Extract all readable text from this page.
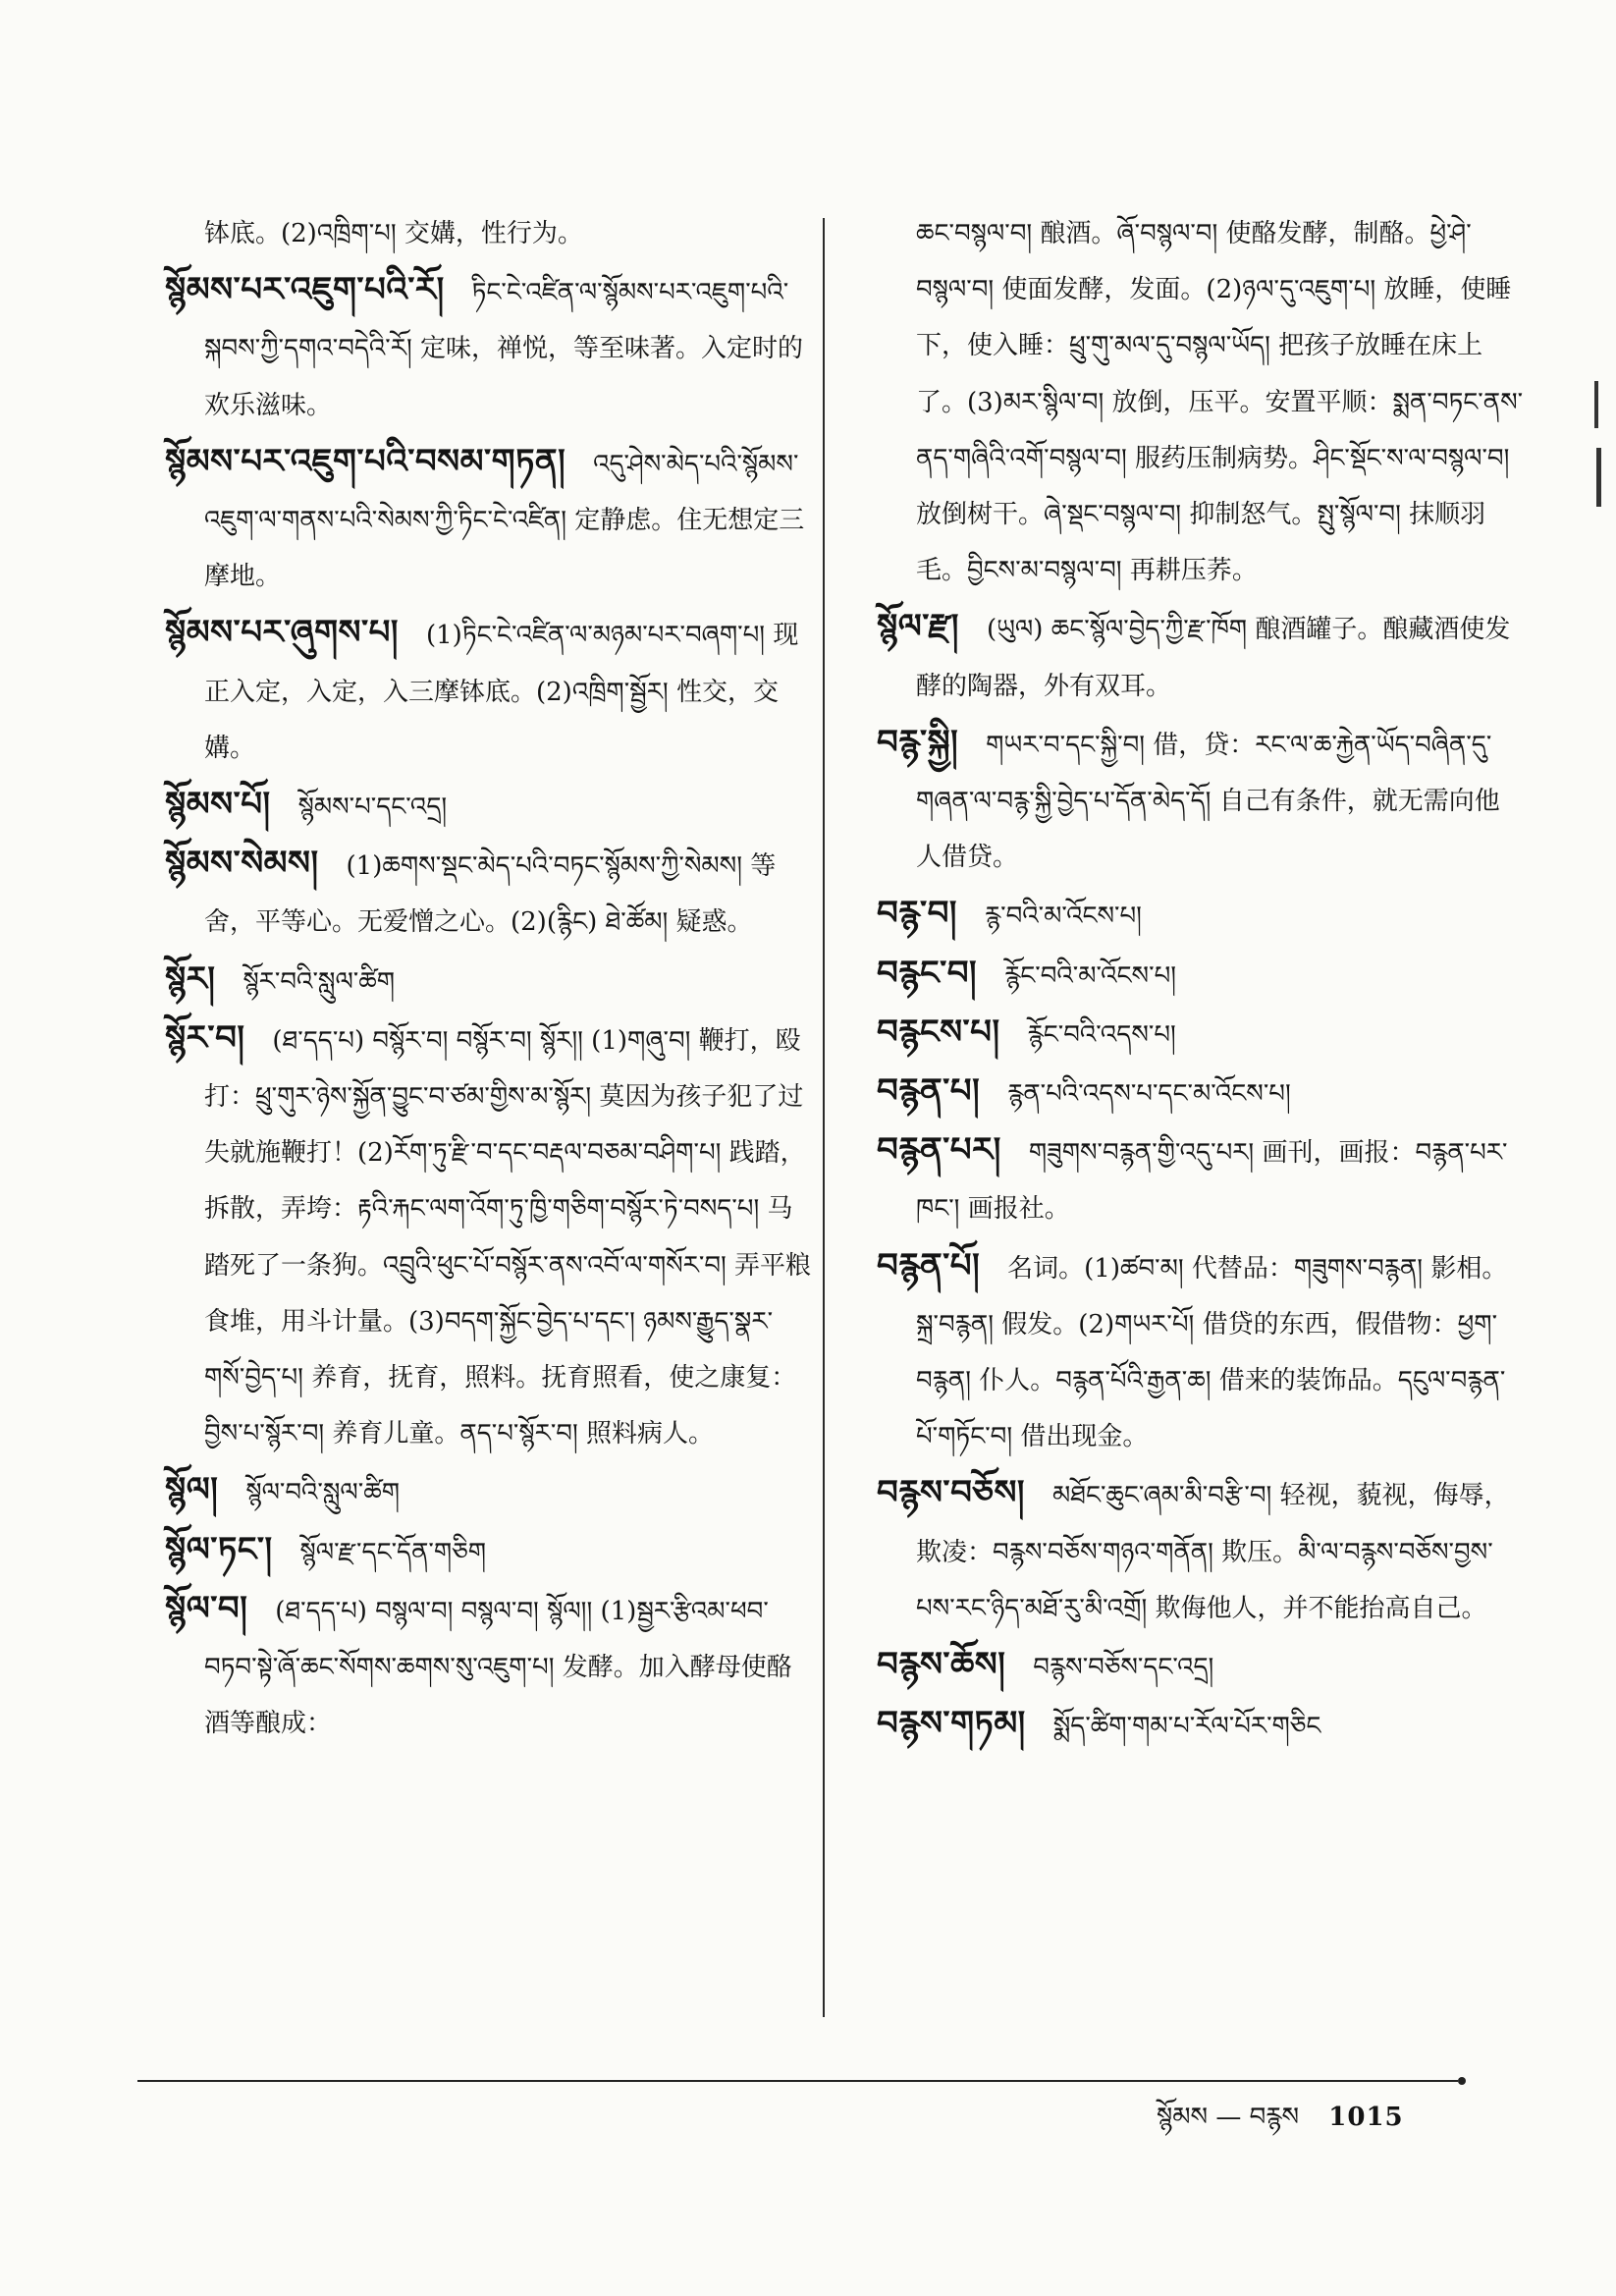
钵底。(2)འཁྲིག་པ། 交媾，性行为。
སྙོམས་པར་འཇུག་པའི་རོ། ཏིང་ངེ་འཛིན་ལ་སྙོམས་པར་འཇུག་པའི་སྐབས་ཀྱི་དགའ་བདེའི་རོ། 定味，禅悦，等至味著。入定时的欢乐滋味。
སྙོམས་པར་འཇུག་པའི་བསམ་གཏན། འདུ་ཤེས་མེད་པའི་སྙོམས་འཇུག་ལ་གནས་པའི་སེམས་ཀྱི་ཏིང་ངེ་འཛིན། 定静虑。住无想定三摩地。
སྙོམས་པར་ཞུགས་པ། (1)ཏིང་ངེ་འཛིན་ལ་མཉམ་པར་བཞག་པ། 现正入定，入定，入三摩钵底。(2)འཁྲིག་སྦྱོར། 性交，交媾。
སྙོམས་པོ། སྙོམས་པ་དང་འདྲ།
སྙོམས་སེམས། (1)ཆགས་སྡང་མེད་པའི་བཏང་སྙོམས་ཀྱི་སེམས། 等舍，平等心。无爱憎之心。(2)(རྙིང) ཐེ་ཚོམ། 疑惑。
སྙོར། སྙོར་བའི་སླུལ་ཚིག
སྙོར་བ། (ཐ་དད་པ) བསྙོར་བ། བསྙོར་བ། སྙོར།། (1)གཞུ་བ། 鞭打，殴打：ཕྲུ་གུར་ཉེས་སྐྱོན་བྱུང་བ་ཙམ་གྱིས་མ་སྙོར། 莫因为孩子犯了过失就施鞭打！(2)རོག་ཏུ་རྫི་བ་དང་བརྡལ་བཅམ་བཤིག་པ། 践踏，拆散，弄垮：རྟའི་རྐང་ལག་འོག་ཏུ་ཁྱི་གཅིག་བསྙོར་ཏེ་བསད་པ། 马踏死了一条狗。འབྲུའི་ཕུང་པོ་བསྙོར་ནས་འབོ་ལ་གསོར་བ། 弄平粮食堆，用斗计量。(3)བདག་སྐྱོང་བྱེད་པ་དང་། ཉམས་རྒྱུད་སྣར་གསོ་བྱེད་པ། 养育，抚育，照料。抚育照看，使之康复：བྱིས་པ་སྙོར་བ། 养育儿童。ནད་པ་སྙོར་བ། 照料病人。
སྙོལ། སྙོལ་བའི་སླུལ་ཚིག
སྙོལ་ཏང་། སྙོལ་རྫ་དང་དོན་གཅིག
སྙོལ་བ། (ཐ་དད་པ) བསྙལ་བ། བསྙལ་བ། སྙོལ།། (1)སྦྱར་རྩིའམ་ཕབ་བཏབ་སྟེ་ཞོ་ཆང་སོགས་ཆགས་སུ་འཇུག་པ། 发酵。加入酵母使酪酒等酿成：
ཆང་བསྙལ་བ། 酿酒。ཞོ་བསྙལ་བ། 使酪发酵，制酪。ཕྱེ་ཤེ་བསྙལ་བ། 使面发酵，发面。(2)ཉལ་དུ་འཇུག་པ། 放睡，使睡下，使入睡：ཕྲུ་གུ་མལ་དུ་བསྙལ་ཡོད། 把孩子放睡在床上了。(3)མར་སྙིལ་བ། 放倒，压平。安置平顺：སྨན་བཏང་ནས་ནད་གཞིའི་འགོ་བསྙལ་བ། 服药压制病势。ཤིང་སྡོང་ས་ལ་བསྙལ་བ། 放倒树干。ཞེ་སྡང་བསྙལ་བ། 抑制怒气。སྤུ་སྙོལ་བ། 抹顺羽毛。བྱིངས་མ་བསྙལ་བ། 再耕压荞。
སྙོལ་རྫ། (ཡུལ) ཆང་སྙོལ་བྱེད་ཀྱི་རྫ་ཁོག 酿酒罐子。酿藏酒使发酵的陶器，外有双耳。
བརྙ་སྐྱི། གཡར་བ་དང་སྐྱི་བ། 借，贷：རང་ལ་ཆ་རྐྱེན་ཡོད་བཞིན་དུ་གཞན་ལ་བརྙ་སྐྱི་བྱེད་པ་དོན་མེད་དོ། 自己有条件，就无需向他人借贷。
བརྙ་བ། རྙ་བའི་མ་འོངས་པ།
བརྙང་བ། རྙོང་བའི་མ་འོངས་པ།
བརྙངས་པ། རྙོང་བའི་འདས་པ།
བརྙན་པ། རྙན་པའི་འདས་པ་དང་མ་འོངས་པ།
བརྙན་པར། གཟུགས་བརྙན་གྱི་འདུ་པར། 画刊，画报：བརྙན་པར་ཁང་། 画报社。
བརྙན་པོ། 名词。(1)ཚབ་མ། 代替品：གཟུགས་བརྙན། 影相。སྐྲ་བརྙན། 假发。(2)གཡར་པོ། 借贷的东西，假借物：ཕྱག་བརྙན། 仆人。བརྙན་པོའི་རྒྱན་ཆ། 借来的装饰品。དངུལ་བརྙན་པོ་གཏོང་བ། 借出现金。
བརྙས་བཅོས། མཐོང་ཆུང་ཞམ་མི་བརྩི་བ། 轻视，藐视，侮辱，欺凌：བརྙས་བཅོས་གཉའ་གནོན། 欺压。མི་ལ་བརྙས་བཅོས་བྱས་པས་རང་ཉིད་མཐོ་རུ་མི་འགྲོ། 欺侮他人，并不能抬高自己。
བརྙས་ཆོས། བརྙས་བཅོས་དང་འདྲ།
བརྙས་གཏམ། སྨོད་ཚིག་གམ་པ་རོལ་པོར་གཅིང
སྙོམས — བརྙས 1015
